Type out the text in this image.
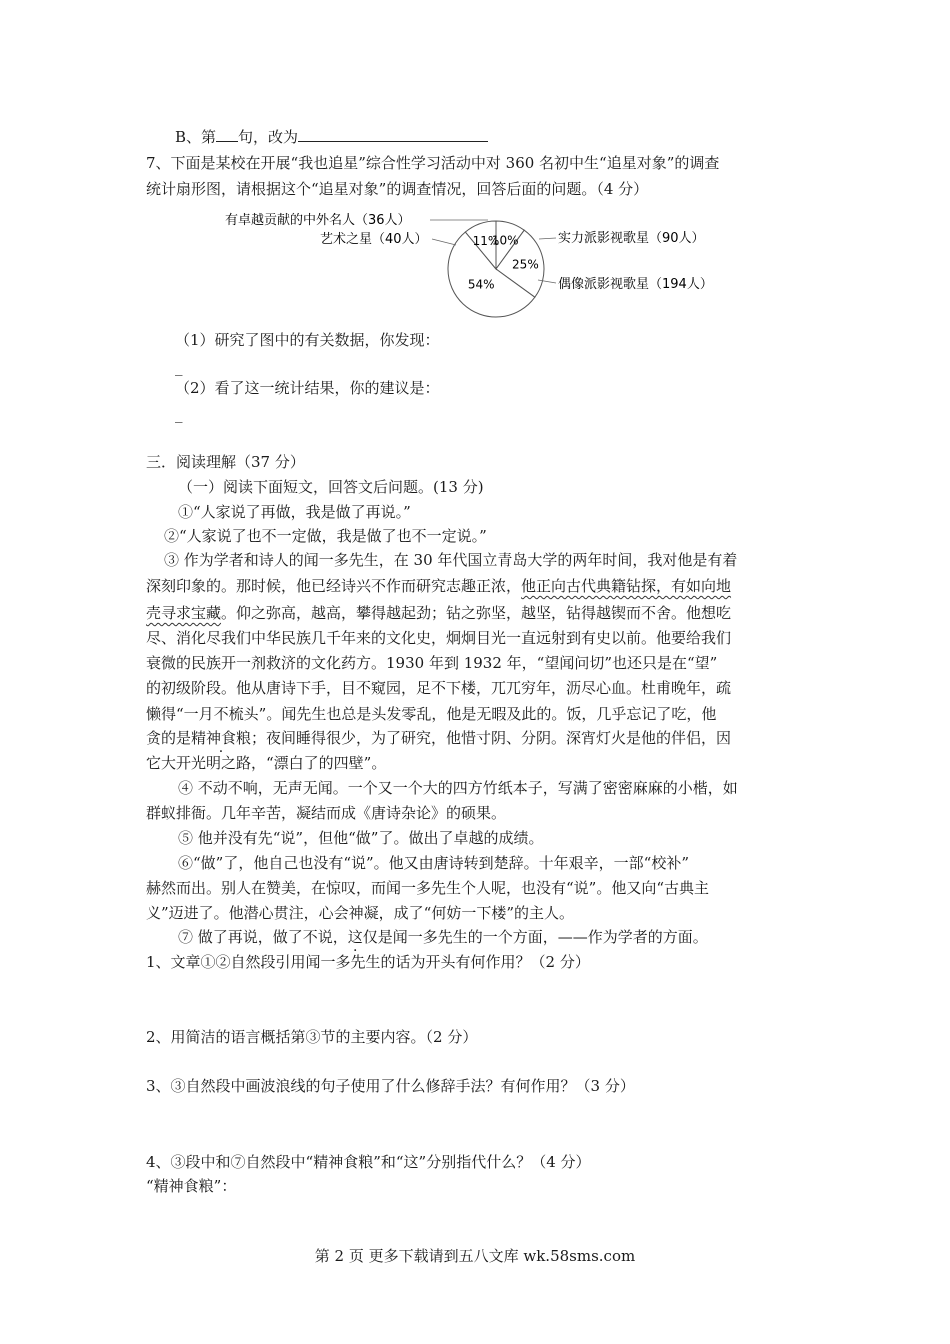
B、第 句，改为
7、下面是某校在开展“我也追星”综合性学习活动中对 360 名初中生“追星对象”的调查
统计扇形图，请根据这个“追星对象”的调查情况，回答后面的问题。（4 分）
10%
25%
54%
11%
有卓越贡献的中外名人（36人）
艺术之星（40人）	实力派影视歌星（90人）
偶像派影视歌星（194人）
（1）研究了图中的有关数据，你发现：
_
（2）看了这一统计结果，你的建议是：
_
三．阅读理解（37 分）
（一）阅读下面短文，回答文后问题。(13 分)
①“人家说了再做，我是做了再说。”
②“人家说了也不一定做，我是做了也不一定说。”
③ 作为学者和诗人的闻一多先生，在 30 年代国立青岛大学的两年时间，我对他是有着
深刻印象的。那时候，他已经诗兴不作而研究志趣正浓，他正向古代典籍钻探，有如向地
壳寻求宝藏。仰之弥高，越高，攀得越起劲；钻之弥坚，越坚，钻得越锲而不舍。他想吃
尽、消化尽我们中华民族几千年来的文化史，炯炯目光一直远射到有史以前。他要给我们
衰微的民族开一剂救济的文化药方。1930 年到 1932 年，“望闻问切”也还只是在“望”
的初级阶段。他从唐诗下手，目不窥园，足不下楼，兀兀穷年，沥尽心血。杜甫晚年，疏
懒得“一月不梳头”。闻先生也总是头发零乱，他是无暇及此的。饭，几乎忘记了吃，他
贪的是精神食粮；夜间睡得很少，为了研究，他惜寸阴、分阴。深宵灯火是他的伴侣，因
它大开光明之路，“漂白了的四壁”。
④ 不动不响，无声无闻。一个又一个大的四方竹纸本子，写满了密密麻麻的小楷，如
群蚁排衙。几年辛苦，凝结而成《唐诗杂论》的硕果。
⑤ 他并没有先“说”，但他“做”了。做出了卓越的成绩。
⑥“做”了，他自己也没有“说”。他又由唐诗转到楚辞。十年艰辛，一部“校补”
赫然而出。别人在赞美，在惊叹，而闻一多先生个人呢，也没有“说”。他又向“古典主
义”迈进了。他潜心贯注，心会神凝，成了“何妨一下楼”的主人。
⑦ 做了再说，做了不说，这仅是闻一多先生的一个方面，——作为学者的方面。
1、文章①②自然段引用闻一多先生的话为开头有何作用？（2 分）
2、用简洁的语言概括第③节的主要内容。（2 分）
3、③自然段中画波浪线的句子使用了什么修辞手法？有何作用？（3 分）
4、③段中和⑦自然段中“精神食粮”和“这”分别指代什么？（4 分）
“精神食粮”：
第 2 页 更多下载请到五八文库 wk.58sms.com
